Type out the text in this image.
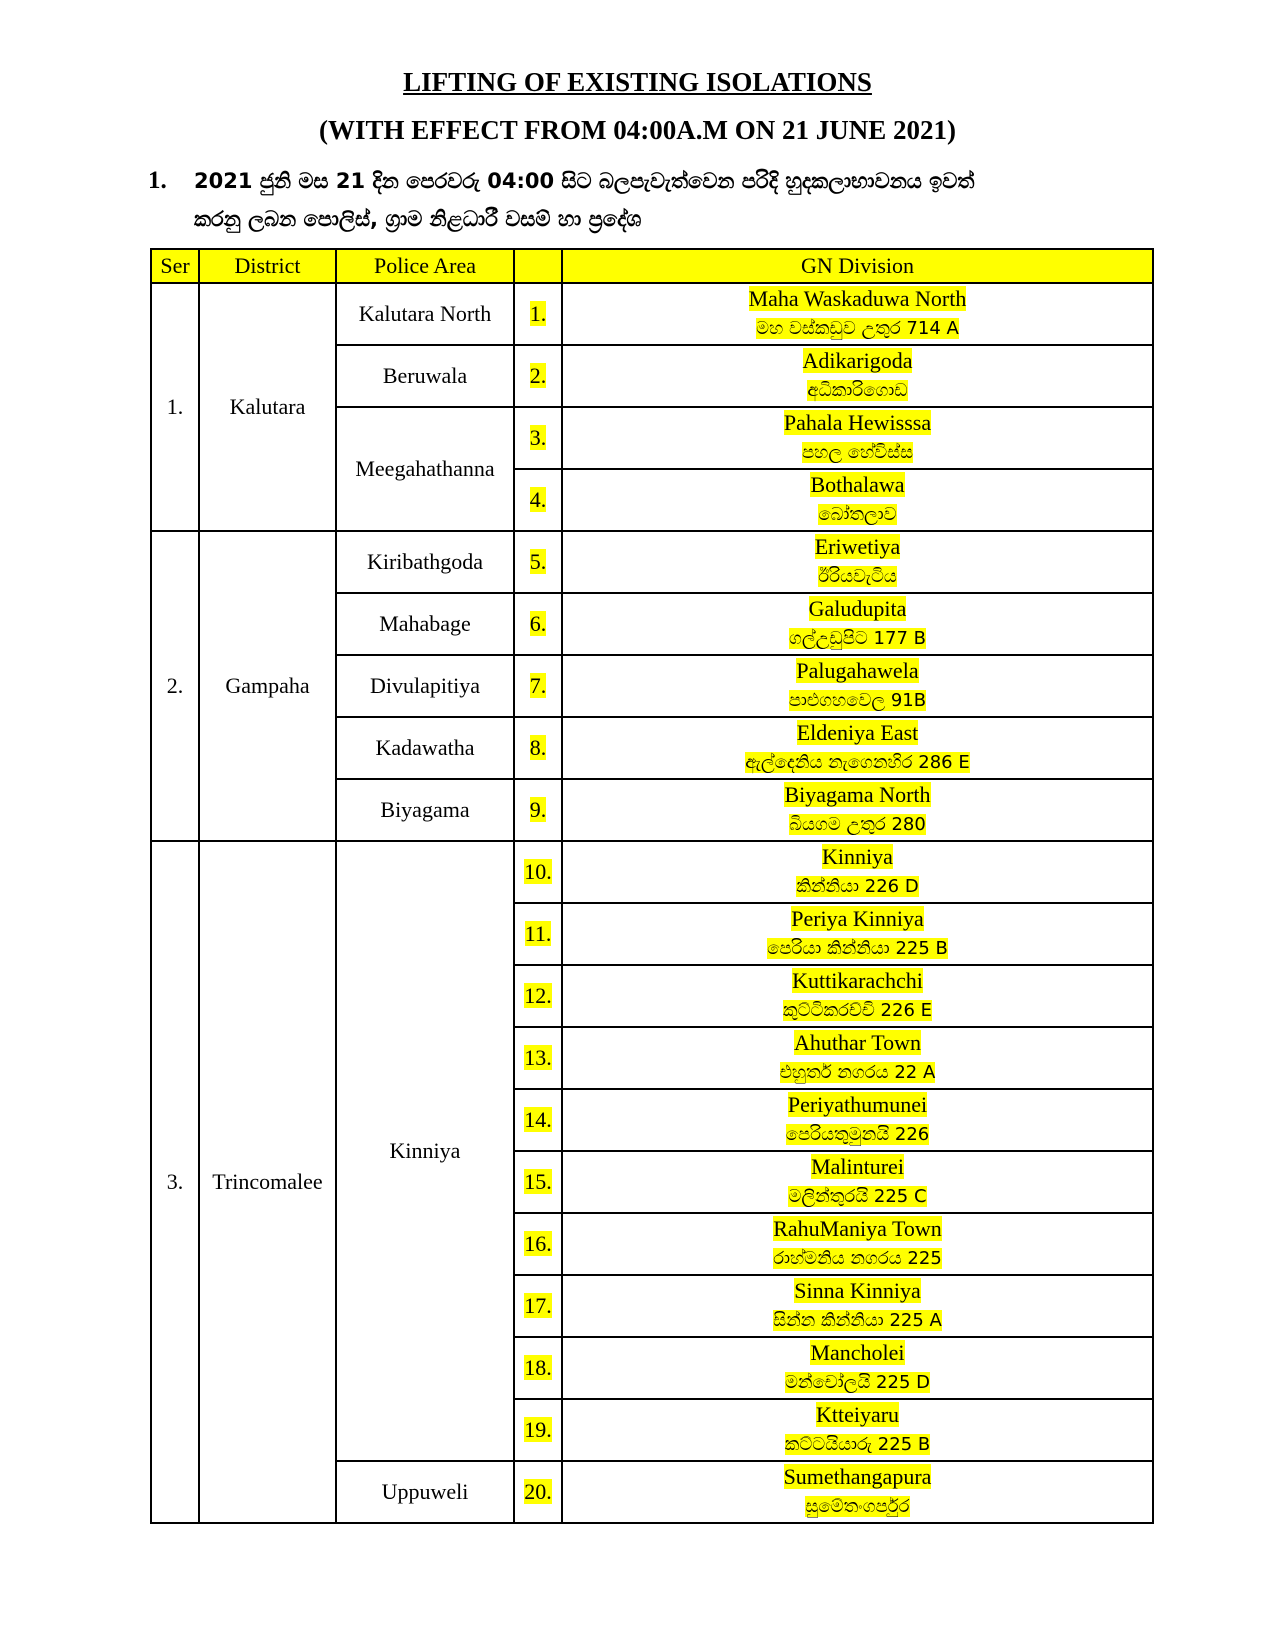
LIFTING OF EXISTING ISOLATIONS
(WITH EFFECT FROM 04:00A.M ON 21 JUNE 2021)
1.	2021 ජුනි මස 21 දින පෙරවරු 04:00 සිට බලපැවැත්වෙන පරිදි හුදකලාභාවනය ඉවත්
කරනු ලබන පොලිස්, ග්‍රාම නිළධාරී වසම් හා ප්‍රදේශ
Ser	District	Police Area		GN Division
1.	Kalutara	Kalutara North	1.	Maha Waskaduwa North
මහ වස්කඩුව උතුර 714 A

		Beruwala	2.	Adikarigoda
අධිකාරිගොඩ

		Meegahathanna	3.	Pahala Hewisssa
පහල හේවිස්ස

			4.	Bothalawa
බෝතලාව

2.	Gampaha	Kiribathgoda	5.	Eriwetiya
ඊරියවැටිය

		Mahabage	6.	Galudupita
ගල්උඩුපිට 177 B

		Divulapitiya	7.	Palugahawela
පාළුගහවෙල 91B

		Kadawatha	8.	Eldeniya East
ඇල්දෙනිය නැගෙනහිර 286 E

		Biyagama	9.	Biyagama North
බියගම උතුර 280

3.	Trincomalee	Kinniya	10.	Kinniya
කින්නියා 226 D

			11.	Periya Kinniya
පෙරියා කින්නියා 225 B

			12.	Kuttikarachchi
කුට්ටිකරච්චි 226 E

			13.	Ahuthar Town
එහුතර් නගරය 22 A

			14.	Periyathumunei
පෙරියතුමුනයි 226

			15.	Malinturei
මලින්තුරයි 225 C

			16.	RahuManiya Town
රාහ්මනිය නගරය 225

			17.	Sinna Kinniya
සින්න කින්නියා 225 A

			18.	Mancholei
මන්චෝලයි 225 D

			19.	Ktteiyaru
කට්ටයියාරු 225 B

		Uppuweli	20.	Sumethangapura
සුමේතංගර්පුර
